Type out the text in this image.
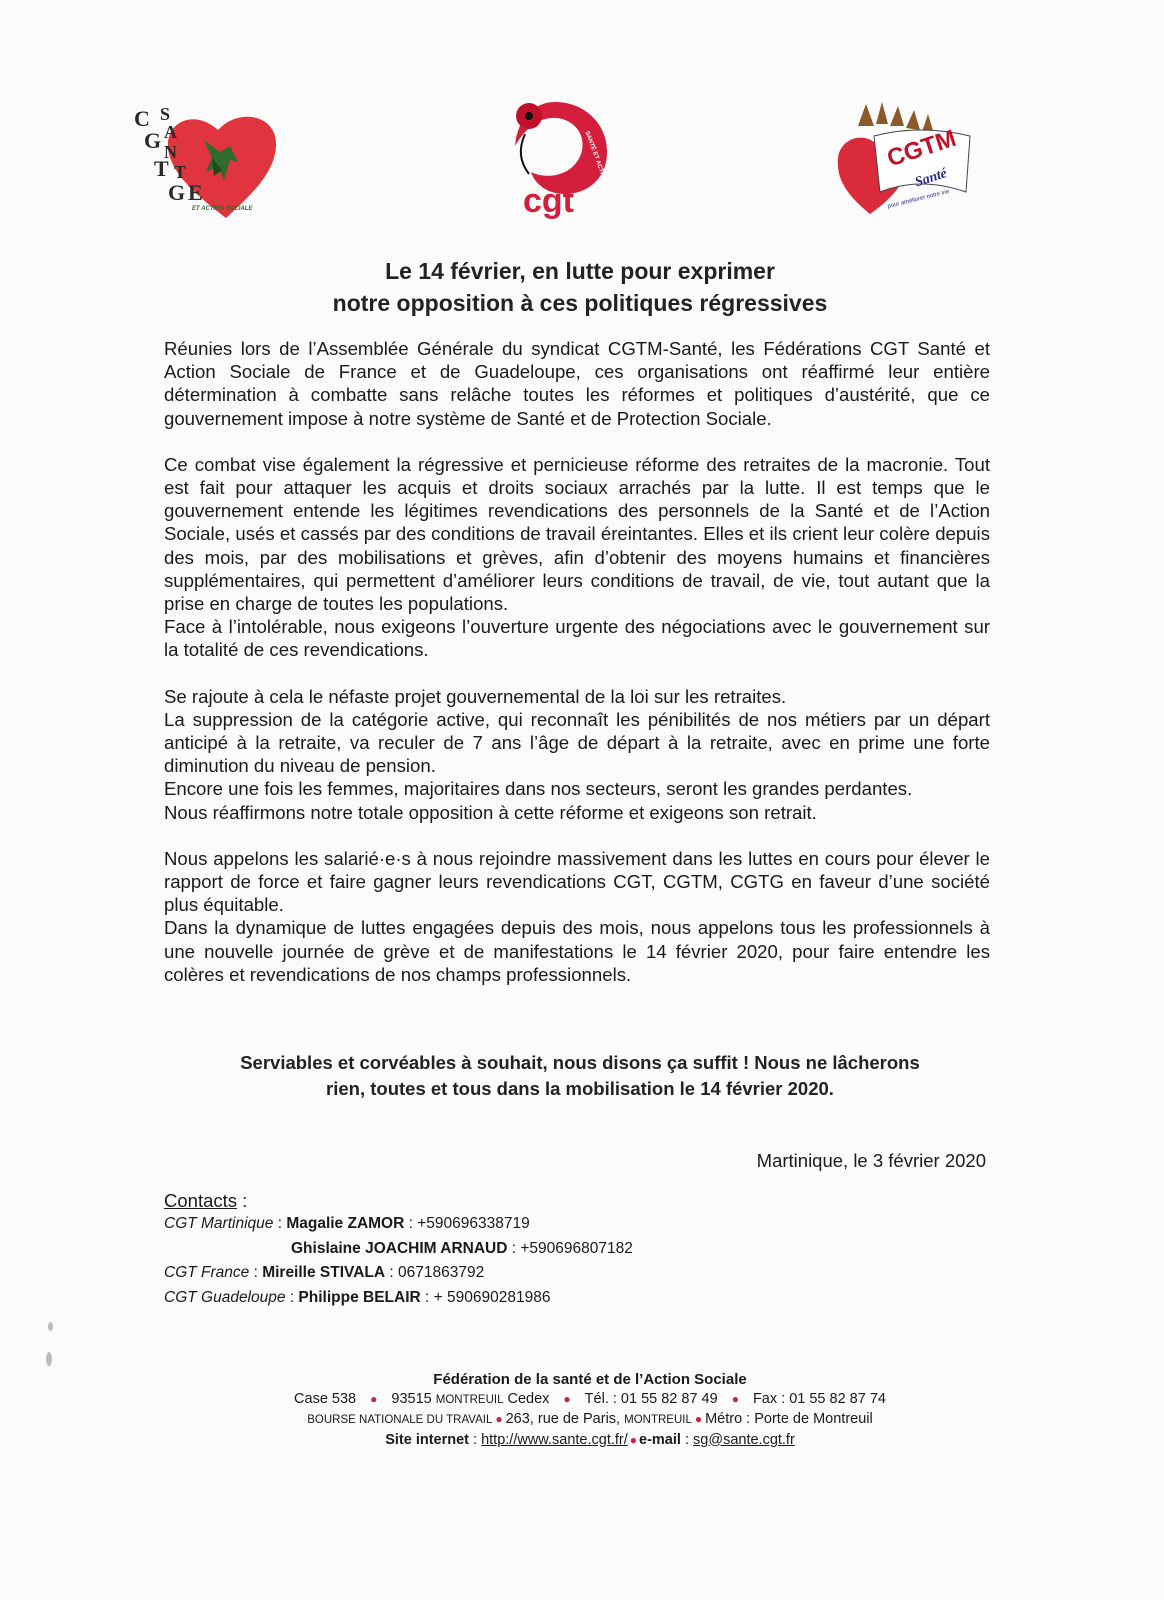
C S
G A
N
T T
G E
ET ACTION SOCIALE	SANTÉ ET ACTION SOCIALE
cgt
CGTM
Santé
pour améliorer notre vie
Le 14 février, en lutte pour exprimer
notre opposition à ces politiques régressives

Réunies lors de l’Assemblée Générale du syndicat CGTM-Santé, les Fédérations CGT Santé et Action Sociale de France et de Guadeloupe, ces organisations ont réaffirmé leur entière détermination à combatte sans relâche toutes les réformes et politiques d’austérité, que ce gouvernement impose à notre système de Santé et de Protection Sociale.

Ce combat vise également la régressive et pernicieuse réforme des retraites de la macronie. Tout est fait pour attaquer les acquis et droits sociaux arrachés par la lutte. Il est temps que le gouvernement entende les légitimes revendications des personnels de la Santé et de l’Action Sociale, usés et cassés par des conditions de travail éreintantes. Elles et ils crient leur colère depuis des mois, par des mobilisations et grèves, afin d’obtenir des moyens humains et financières supplémentaires, qui permettent d’améliorer leurs conditions de travail, de vie, tout autant que la prise en charge de toutes les populations.

Face à l’intolérable, nous exigeons l’ouverture urgente des négociations avec le gouvernement sur la totalité de ces revendications.

Se rajoute à cela le néfaste projet gouvernemental de la loi sur les retraites.

La suppression de la catégorie active, qui reconnaît les pénibilités de nos métiers par un départ anticipé à la retraite, va reculer de 7 ans l’âge de départ à la retraite, avec en prime une forte diminution du niveau de pension.

Encore une fois les femmes, majoritaires dans nos secteurs, seront les grandes perdantes.

Nous réaffirmons notre totale opposition à cette réforme et exigeons son retrait.

Nous appelons les salarié·e·s à nous rejoindre massivement dans les luttes en cours pour élever le rapport de force et faire gagner leurs revendications CGT, CGTM, CGTG en faveur d’une société plus équitable.

Dans la dynamique de luttes engagées depuis des mois, nous appelons tous les professionnels à une nouvelle journée de grève et de manifestations le 14 février 2020, pour faire entendre les colères et revendications de nos champs professionnels.

Serviables et corvéables à souhait, nous disons ça suffit ! Nous ne lâcherons
rien, toutes et tous dans la mobilisation le 14 février 2020.
Martinique, le 3 février 2020
Contacts :
CGT Martinique : Magalie ZAMOR : +590696338719
Ghislaine JOACHIM ARNAUD : +590696807182
CGT France : Mireille STIVALA : 0671863792
CGT Guadeloupe : Philippe BELAIR : + 590690281986
Fédération de la santé et de l’Action Sociale
Case 538 ● 93515 MONTREUIL Cedex ● Tél. : 01 55 82 87 49 ● Fax : 01 55 82 87 74
BOURSE NATIONALE DU TRAVAIL ● 263, rue de Paris, MONTREUIL ● Métro : Porte de Montreuil
Site internet : http://www.sante.cgt.fr/ ● e-mail : sg@sante.cgt.fr
